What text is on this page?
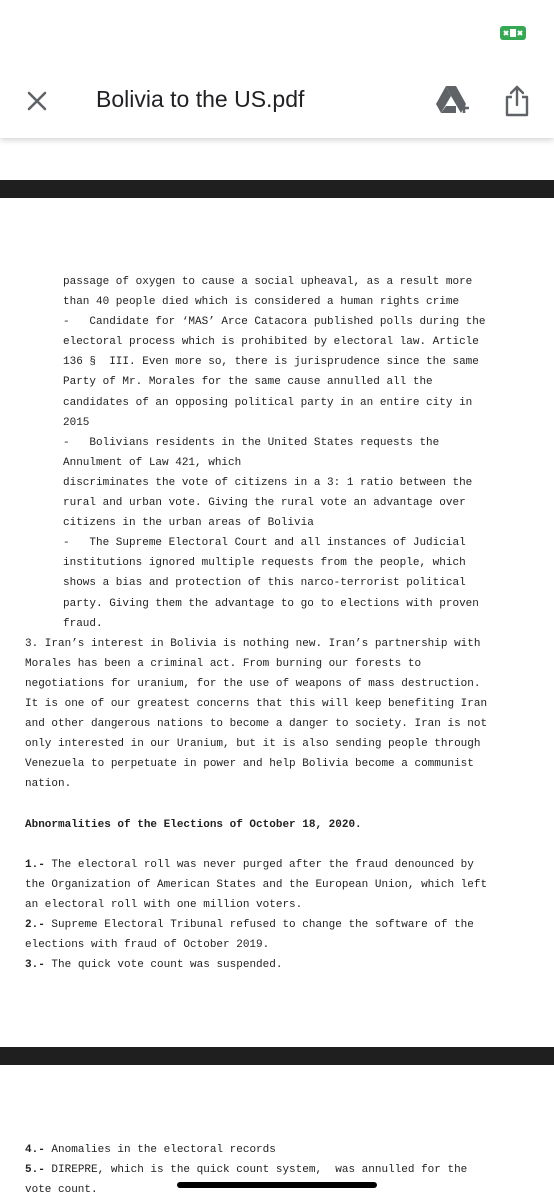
Bolivia to the US.pdf
passage of oxygen to cause a social upheaval, as a result more
than 40 people died which is considered a human rights crime
-   Candidate for ‘MAS’ Arce Catacora published polls during the
electoral process which is prohibited by electoral law. Article
136 §  III. Even more so, there is jurisprudence since the same
Party of Mr. Morales for the same cause annulled all the
candidates of an opposing political party in an entire city in
2015
-   Bolivians residents in the United States requests the
Annulment of Law 421, which
discriminates the vote of citizens in a 3: 1 ratio between the
rural and urban vote. Giving the rural vote an advantage over
citizens in the urban areas of Bolivia
-   The Supreme Electoral Court and all instances of Judicial
institutions ignored multiple requests from the people, which
shows a bias and protection of this narco-terrorist political
party. Giving them the advantage to go to elections with proven
fraud.
3. Iran’s interest in Bolivia is nothing new. Iran’s partnership with
Morales has been a criminal act. From burning our forests to
negotiations for uranium, for the use of weapons of mass destruction.
It is one of our greatest concerns that this will keep benefiting Iran
and other dangerous nations to become a danger to society. Iran is not
only interested in our Uranium, but it is also sending people through
Venezuela to perpetuate in power and help Bolivia become a communist
nation.
Abnormalities of the Elections of October 18, 2020.
1.- The electoral roll was never purged after the fraud denounced by
the Organization of American States and the European Union, which left
an electoral roll with one million voters.
2.- Supreme Electoral Tribunal refused to change the software of the
elections with fraud of October 2019.
3.- The quick vote count was suspended.
4.- Anomalies in the electoral records
5.- DIREPRE, which is the quick count system,  was annulled for the
vote count.
